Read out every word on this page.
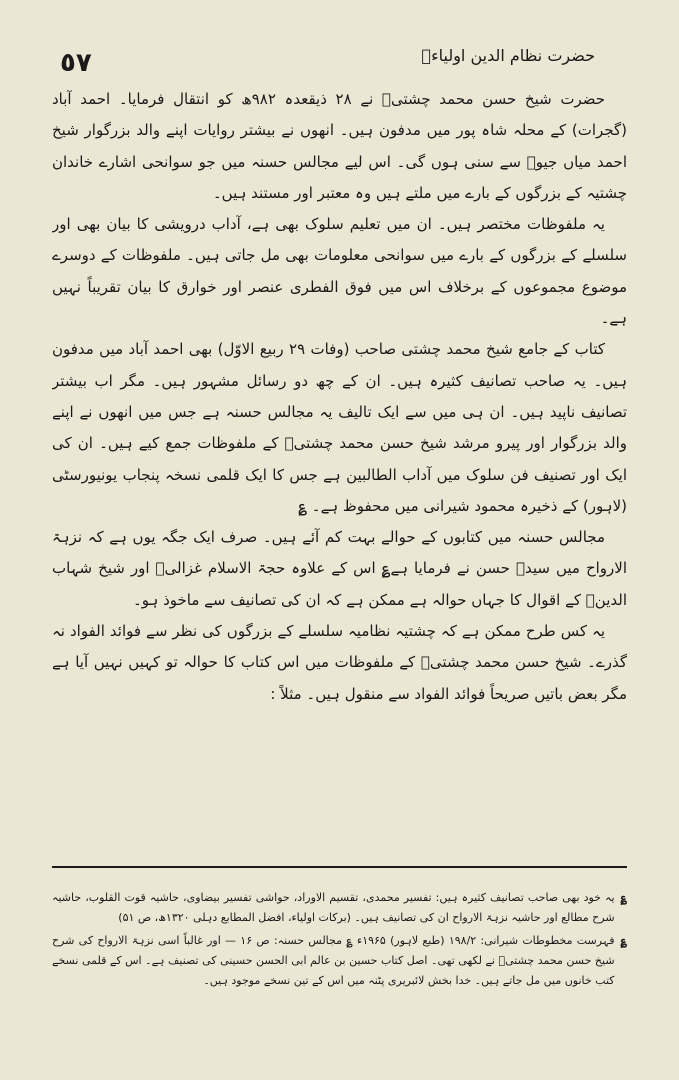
٥٧	حضرت نظام الدین اولیاءؒ

حضرت شیخ حسن محمد چشتیؒ نے ۲۸ ذیقعدہ ۹۸۲ھ کو انتقال فرمایا۔ احمد آباد (گجرات) کے محلہ شاہ پور میں مدفون ہیں۔ انھوں نے بیشتر روایات اپنے والد بزرگوار شیخ احمد میاں جیوؒ سے سنی ہوں گی۔ اس لیے مجالس حسنہ میں جو سوانحی اشارے خاندان چشتیہ کے بزرگوں کے بارے میں ملتے ہیں وہ معتبر اور مستند ہیں۔

یہ ملفوظات مختصر ہیں۔ ان میں تعلیم سلوک بھی ہے، آداب درویشی کا بیان بھی اور سلسلے کے بزرگوں کے بارے میں سوانحی معلومات بھی مل جاتی ہیں۔ ملفوظات کے دوسرے موضوع مجموعوں کے برخلاف اس میں فوق الفطری عنصر اور خوارق کا بیان تقریباً نہیں ہے۔

کتاب کے جامع شیخ محمد چشتی صاحب (وفات ۲۹ ربیع الاوّل) بھی احمد آباد میں مدفون ہیں۔ یہ صاحب تصانیف کثیرہ ہیں۔ ان کے چھ دو رسائل مشہور ہیں۔ مگر اب بیشتر تصانیف ناپید ہیں۔ ان ہی میں سے ایک تالیف یہ مجالس حسنہ ہے جس میں انھوں نے اپنے والد بزرگوار اور پیرو مرشد شیخ حسن محمد چشتیؒ کے ملفوظات جمع کیے ہیں۔ ان کی ایک اور تصنیف فن سلوک میں آداب الطالبین ہے جس کا ایک قلمی نسخہ پنجاب یونیورسٹی (لاہور) کے ذخیرہ محمود شیرانی میں محفوظ ہے۔ ؏

مجالس حسنہ میں کتابوں کے حوالے بہت کم آئے ہیں۔ صرف ایک جگہ یوں ہے کہ نزہۃ الارواح میں سیدؒ حسن نے فرمایا ہے؏ اس کے علاوہ حجۃ الاسلام غزالیؒ اور شیخ شہاب الدینؒ کے اقوال کا جہاں حوالہ ہے ممکن ہے کہ ان کی تصانیف سے ماخوذ ہو۔

یہ کس طرح ممکن ہے کہ چشتیہ نظامیہ سلسلے کے بزرگوں کی نظر سے فوائد الفواد نہ گذرے۔ شیخ حسن محمد چشتیؒ کے ملفوظات میں اس کتاب کا حوالہ تو کہیں نہیں آیا ہے مگر بعض باتیں صریحاً فوائد الفواد سے منقول ہیں۔ مثلاً :

؏
یہ خود بھی صاحب تصانیف کثیرہ ہیں: تفسیر محمدی، تقسیم الاوراد، حواشی تفسیر بیضاوی، حاشیہ قوت القلوب، حاشیہ شرح مطالع اور حاشیہ نزہۃ الارواح ان کی تصانیف ہیں۔ (برکات اولیاء، افضل المطابع دہلی ۱۳۲۰ھ، ص ۵۱)
؏
فہرست مخطوطات شیرانی: ۱۹۸/۲ (طبع لاہور) ۱۹۶۵ء ؏ مجالس حسنہ: ص ۱۶ — اور غالباً اسی نزہۃ الارواح کی شرح شیخ حسن محمد چشتیؒ نے لکھی تھی۔ اصل کتاب حسین بن عالم ابی الحسن حسینی کی تصنیف ہے۔ اس کے قلمی نسخے کتب خانوں میں مل جاتے ہیں۔ خدا بخش لائبریری پٹنہ میں اس کے تین نسخے موجود ہیں۔
